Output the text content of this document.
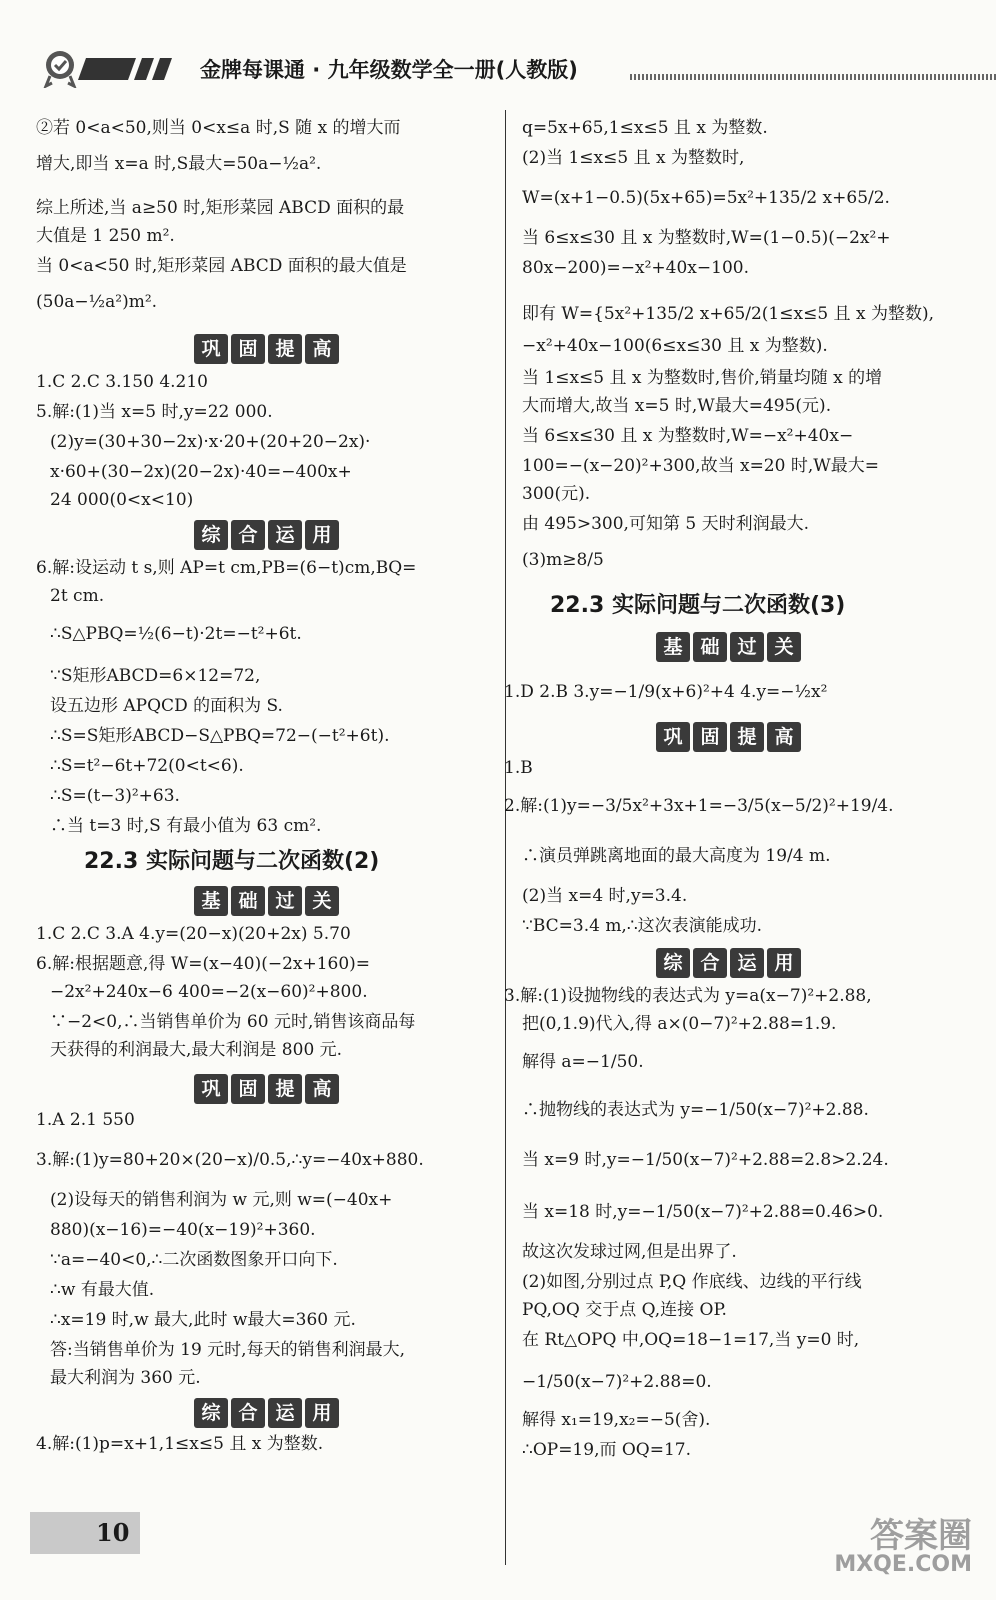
金牌每课通 · 九年级数学全一册(人教版)
②若 0<a<50,则当 0<x≤a 时,S 随 x 的增大而
增大,即当 x=a 时,S最大=50a−½a².
综上所述,当 a≥50 时,矩形菜园 ABCD 面积的最
大值是 1 250 m².
当 0<a<50 时,矩形菜园 ABCD 面积的最大值是
(50a−½a²)m².
巩 固 提 高
1.C 2.C 3.150 4.210
5.解:(1)当 x=5 时,y=22 000.
(2)y=(30+30−2x)·x·20+(20+20−2x)·
x·60+(30−2x)(20−2x)·40=−400x+
24 000(0<x<10)
综 合 运 用
6.解:设运动 t s,则 AP=t cm,PB=(6−t)cm,BQ=
2t cm.
∴S△PBQ=½(6−t)·2t=−t²+6t.
∵S矩形ABCD=6×12=72,
设五边形 APQCD 的面积为 S.
∴S=S矩形ABCD−S△PBQ=72−(−t²+6t).
∴S=t²−6t+72(0<t<6).
∴S=(t−3)²+63.
∴当 t=3 时,S 有最小值为 63 cm².
22.3 实际问题与二次函数(2)
基 础 过 关
1.C 2.C 3.A 4.y=(20−x)(20+2x) 5.70
6.解:根据题意,得 W=(x−40)(−2x+160)=
−2x²+240x−6 400=−2(x−60)²+800.
∵−2<0,∴当销售单价为 60 元时,销售该商品每
天获得的利润最大,最大利润是 800 元.
巩 固 提 高
1.A 2.1 550
3.解:(1)y=80+20×(20−x)/0.5,∴y=−40x+880.
(2)设每天的销售利润为 w 元,则 w=(−40x+
880)(x−16)=−40(x−19)²+360.
∵a=−40<0,∴二次函数图象开口向下.
∴w 有最大值.
∴x=19 时,w 最大,此时 w最大=360 元.
答:当销售单价为 19 元时,每天的销售利润最大,
最大利润为 360 元.
综 合 运 用
4.解:(1)p=x+1,1≤x≤5 且 x 为整数.
q=5x+65,1≤x≤5 且 x 为整数.
(2)当 1≤x≤5 且 x 为整数时,
W=(x+1−0.5)(5x+65)=5x²+135/2 x+65/2.
当 6≤x≤30 且 x 为整数时,W=(1−0.5)(−2x²+
80x−200)=−x²+40x−100.
即有 W={5x²+135/2 x+65/2(1≤x≤5 且 x 为整数),
−x²+40x−100(6≤x≤30 且 x 为整数).
当 1≤x≤5 且 x 为整数时,售价,销量均随 x 的增
大而增大,故当 x=5 时,W最大=495(元).
当 6≤x≤30 且 x 为整数时,W=−x²+40x−
100=−(x−20)²+300,故当 x=20 时,W最大=
300(元).
由 495>300,可知第 5 天时利润最大.
(3)m≥8/5
22.3 实际问题与二次函数(3)
基 础 过 关
1.D 2.B 3.y=−1/9(x+6)²+4 4.y=−½x²
巩 固 提 高
1.B
2.解:(1)y=−3/5x²+3x+1=−3/5(x−5/2)²+19/4.
∴演员弹跳离地面的最大高度为 19/4 m.
(2)当 x=4 时,y=3.4.
∵BC=3.4 m,∴这次表演能成功.
综 合 运 用
3.解:(1)设抛物线的表达式为 y=a(x−7)²+2.88,
把(0,1.9)代入,得 a×(0−7)²+2.88=1.9.
解得 a=−1/50.
∴抛物线的表达式为 y=−1/50(x−7)²+2.88.
当 x=9 时,y=−1/50(x−7)²+2.88=2.8>2.24.
当 x=18 时,y=−1/50(x−7)²+2.88=0.46>0.
故这次发球过网,但是出界了.
(2)如图,分别过点 P,Q 作底线、边线的平行线
PQ,OQ 交于点 Q,连接 OP.
在 Rt△OPQ 中,OQ=18−1=17,当 y=0 时,
−1/50(x−7)²+2.88=0.
解得 x₁=19,x₂=−5(舍).
∴OP=19,而 OQ=17.
10	答案圈
MXQE.COM
